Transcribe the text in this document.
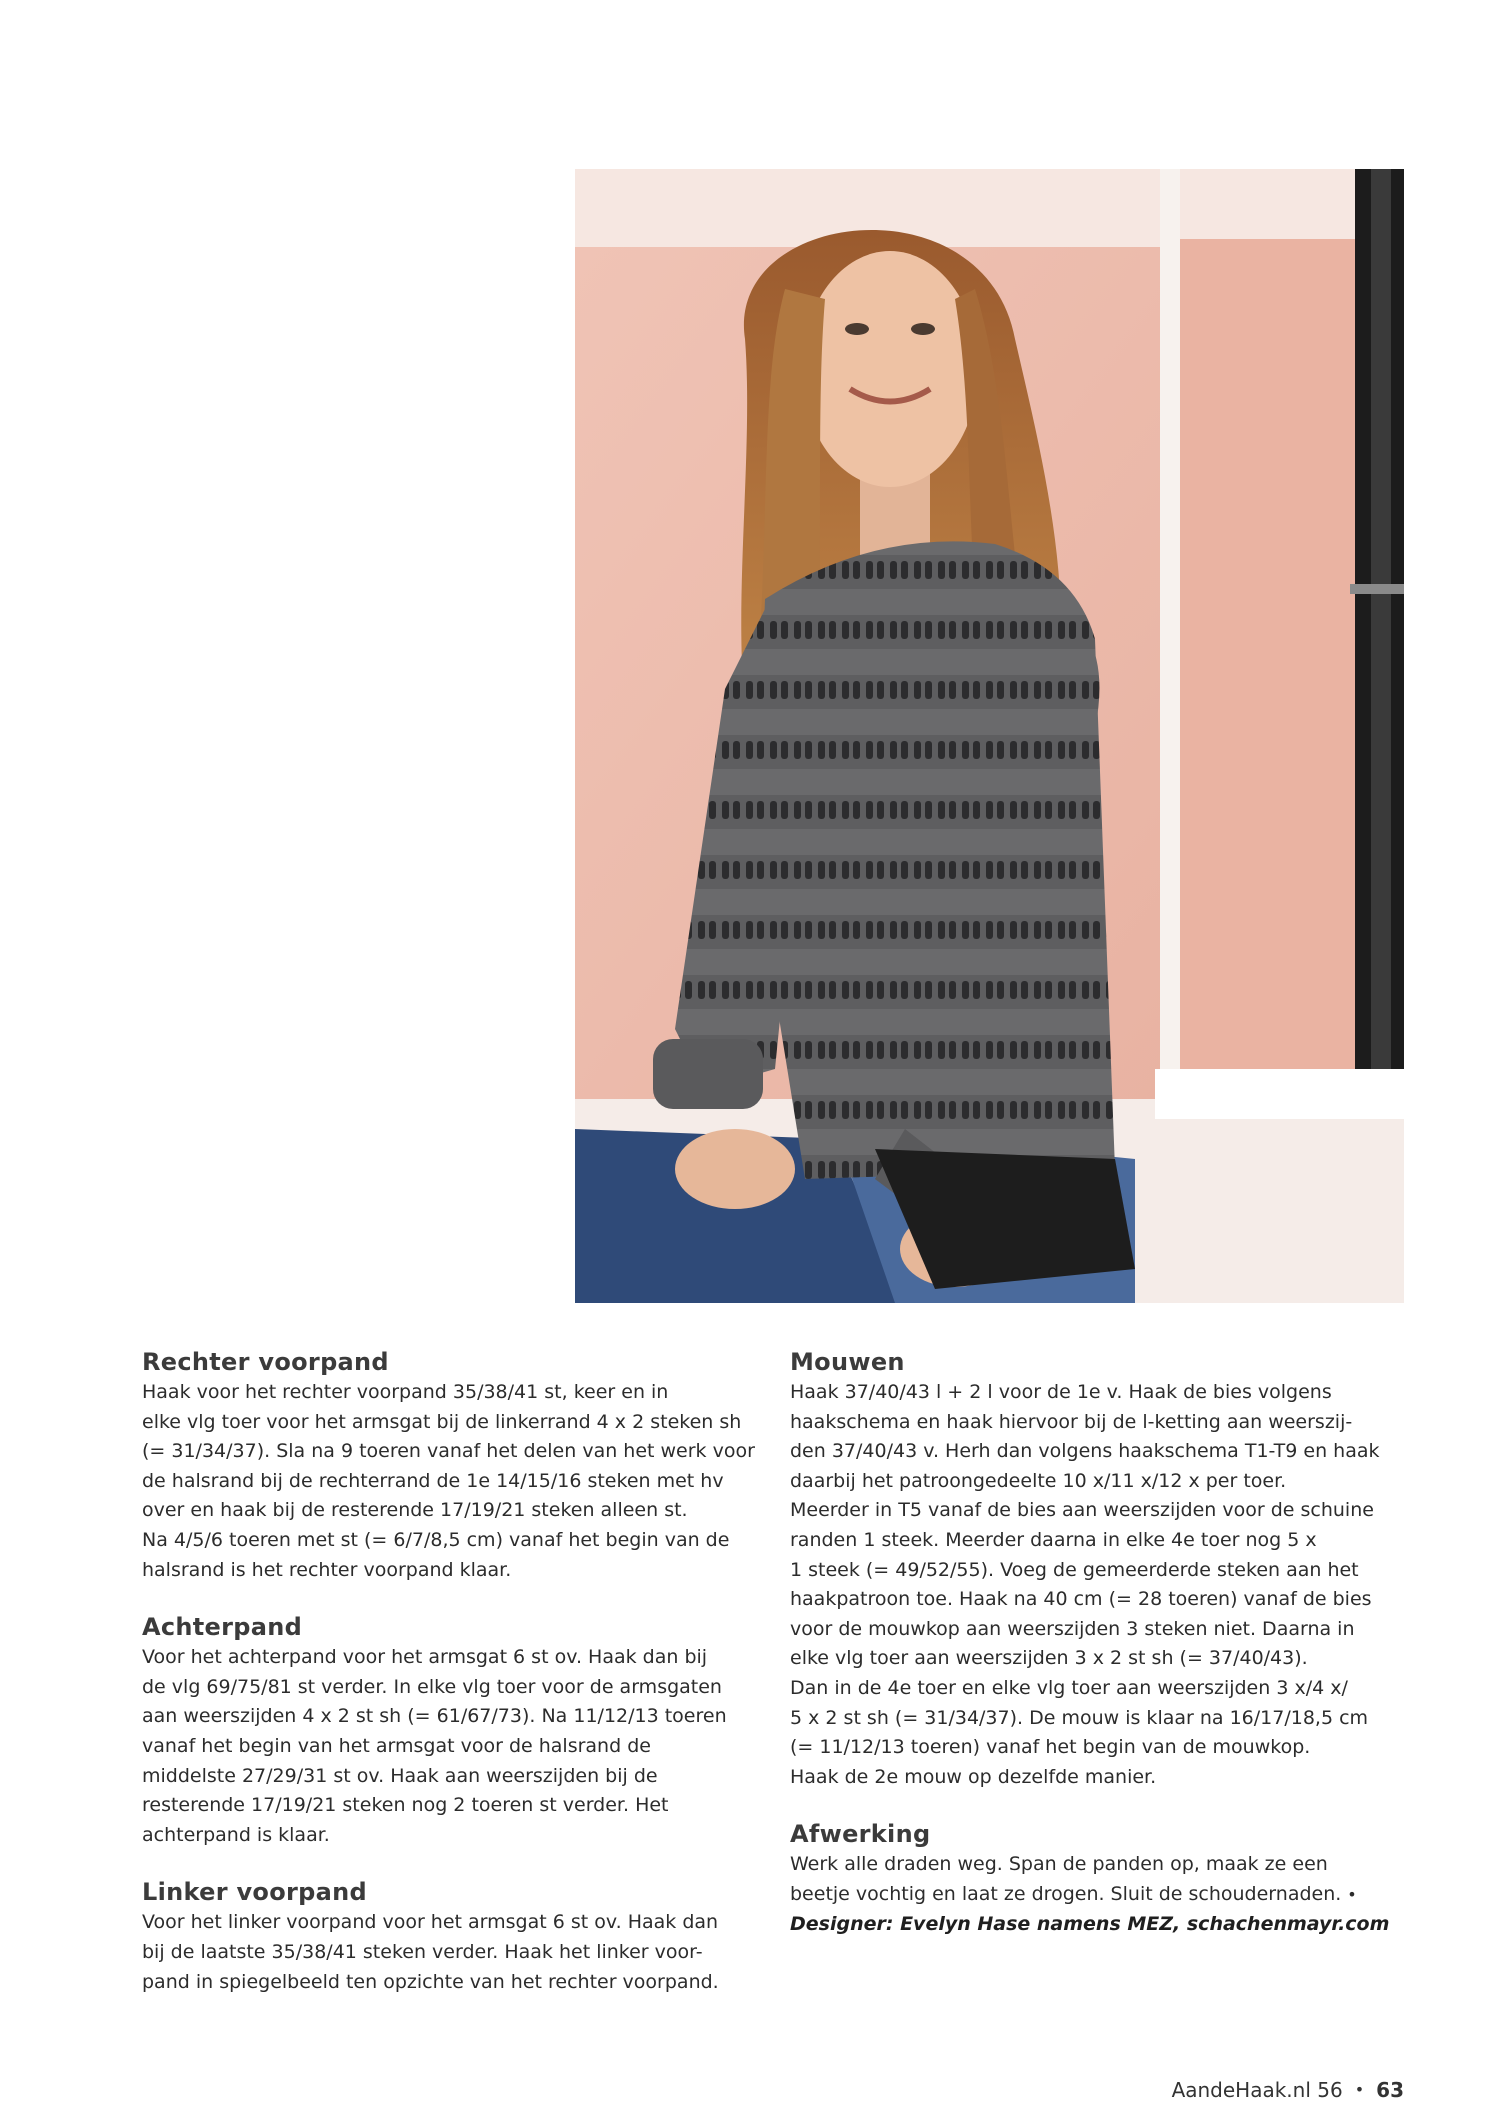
Rechter voorpand

Haak voor het rechter voorpand 35/38/41 st, keer en in
elke vlg toer voor het armsgat bij de linkerrand 4 x 2 steken sh
(= 31/34/37). Sla na 9 toeren vanaf het delen van het werk voor
de halsrand bij de rechterrand de 1e 14/15/16 steken met hv
over en haak bij de resterende 17/19/21 steken alleen st.
Na 4/5/6 toeren met st (= 6/7/8,5 cm) vanaf het begin van de
halsrand is het rechter voorpand klaar.

Achterpand

Voor het achterpand voor het armsgat 6 st ov. Haak dan bij
de vlg 69/75/81 st verder. In elke vlg toer voor de armsgaten
aan weerszijden 4 x 2 st sh (= 61/67/73). Na 11/12/13 toeren
vanaf het begin van het armsgat voor de halsrand de
middelste 27/29/31 st ov. Haak aan weerszijden bij de
resterende 17/19/21 steken nog 2 toeren st verder. Het
achterpand is klaar.

Linker voorpand

Voor het linker voorpand voor het armsgat 6 st ov. Haak dan
bij de laatste 35/38/41 steken verder. Haak het linker voor-
pand in spiegelbeeld ten opzichte van het rechter voorpand.

Mouwen

Haak 37/40/43 l + 2 l voor de 1e v. Haak de bies volgens
haakschema en haak hiervoor bij de l-ketting aan weerszij-
den 37/40/43 v. Herh dan volgens haakschema T1-T9 en haak
daarbij het patroongedeelte 10 x/11 x/12 x per toer.
Meerder in T5 vanaf de bies aan weerszijden voor de schuine
randen 1 steek. Meerder daarna in elke 4e toer nog 5 x
1 steek (= 49/52/55). Voeg de gemeerderde steken aan het
haakpatroon toe. Haak na 40 cm (= 28 toeren) vanaf de bies
voor de mouwkop aan weerszijden 3 steken niet. Daarna in
elke vlg toer aan weerszijden 3 x 2 st sh (= 37/40/43).
Dan in de 4e toer en elke vlg toer aan weerszijden 3 x/4 x/
5 x 2 st sh (= 31/34/37). De mouw is klaar na 16/17/18,5 cm
(= 11/12/13 toeren) vanaf het begin van de mouwkop.
Haak de 2e mouw op dezelfde manier.

Afwerking

Werk alle draden weg. Span de panden op, maak ze een
beetje vochtig en laat ze drogen. Sluit de schoudernaden. •

Designer: Evelyn Hase namens MEZ, schachenmayr.com

AandeHaak.nl 56 • 63
